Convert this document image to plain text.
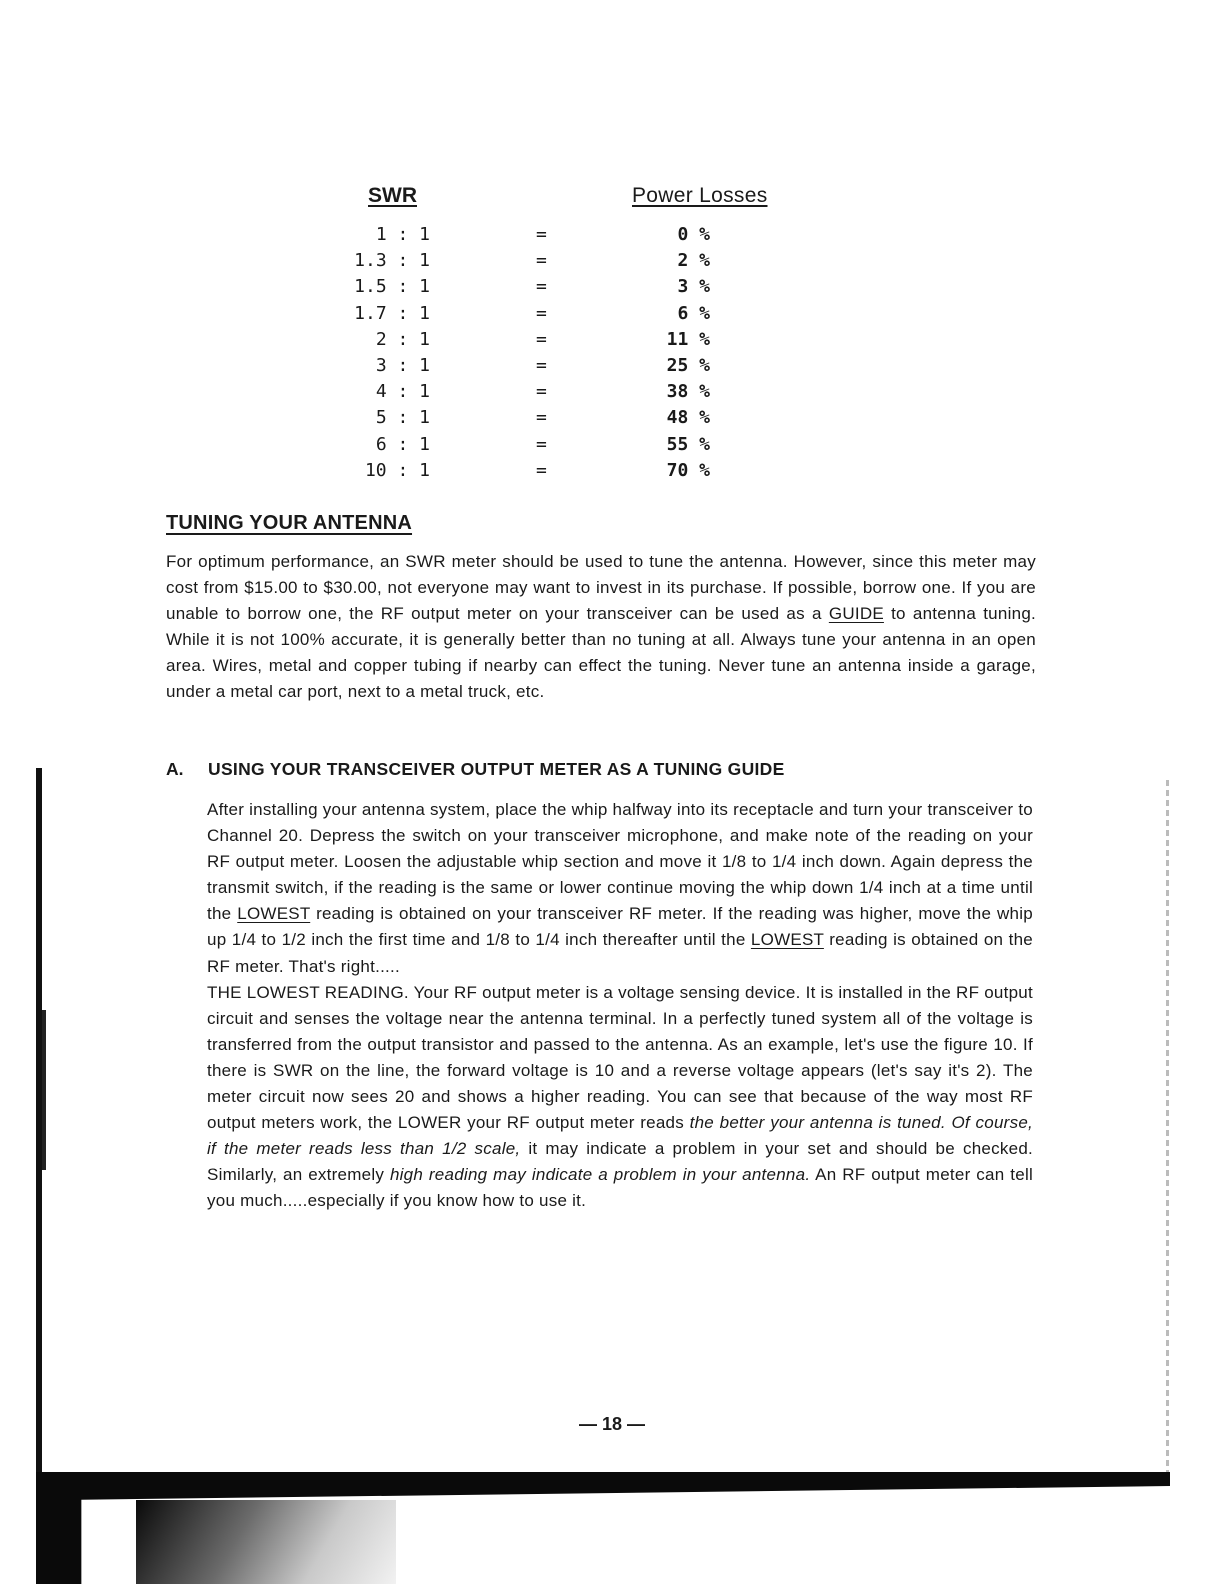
SWR	Power Losses
1 : 1	=	0 %
1.3 : 1	=	2 %
1.5 : 1	=	3 %
1.7 : 1	=	6 %
2 : 1	=	11 %
3 : 1	=	25 %
4 : 1	=	38 %
5 : 1	=	48 %
6 : 1	=	55 %
10 : 1	=	70 %
TUNING YOUR ANTENNA
For optimum performance, an SWR meter should be used to tune the antenna. However, since this meter may cost from $15.00 to $30.00, not everyone may want to invest in its purchase. If possible, borrow one. If you are unable to borrow one, the RF output meter on your transceiver can be used as a GUIDE to antenna tuning. While it is not 100% accurate, it is generally better than no tuning at all. Always tune your antenna in an open area. Wires, metal and copper tubing if nearby can effect the tuning. Never tune an antenna inside a garage, under a metal car port, next to a metal truck, etc.
A. USING YOUR TRANSCEIVER OUTPUT METER AS A TUNING GUIDE
After installing your antenna system, place the whip halfway into its receptacle and turn your transceiver to Channel 20. Depress the switch on your transceiver microphone, and make note of the reading on your RF output meter. Loosen the adjustable whip section and move it 1/8 to 1/4 inch down. Again depress the transmit switch, if the reading is the same or lower continue moving the whip down 1/4 inch at a time until the LOWEST reading is obtained on your transceiver RF meter. If the reading was higher, move the whip up 1/4 to 1/2 inch the first time and 1/8 to 1/4 inch thereafter until the LOWEST reading is obtained on the RF meter. That's right.....
THE LOWEST READING. Your RF output meter is a voltage sensing device. It is installed in the RF output circuit and senses the voltage near the antenna terminal. In a perfectly tuned system all of the voltage is transferred from the output transistor and passed to the antenna. As an example, let's use the figure 10. If there is SWR on the line, the forward voltage is 10 and a reverse voltage appears (let's say it's 2). The meter circuit now sees 20 and shows a higher reading. You can see that because of the way most RF output meters work, the LOWER your RF output meter reads the better your antenna is tuned. Of course, if the meter reads less than 1/2 scale, it may indicate a problem in your set and should be checked. Similarly, an extremely high reading may indicate a problem in your antenna. An RF output meter can tell you much.....especially if you know how to use it.
— 18 —
